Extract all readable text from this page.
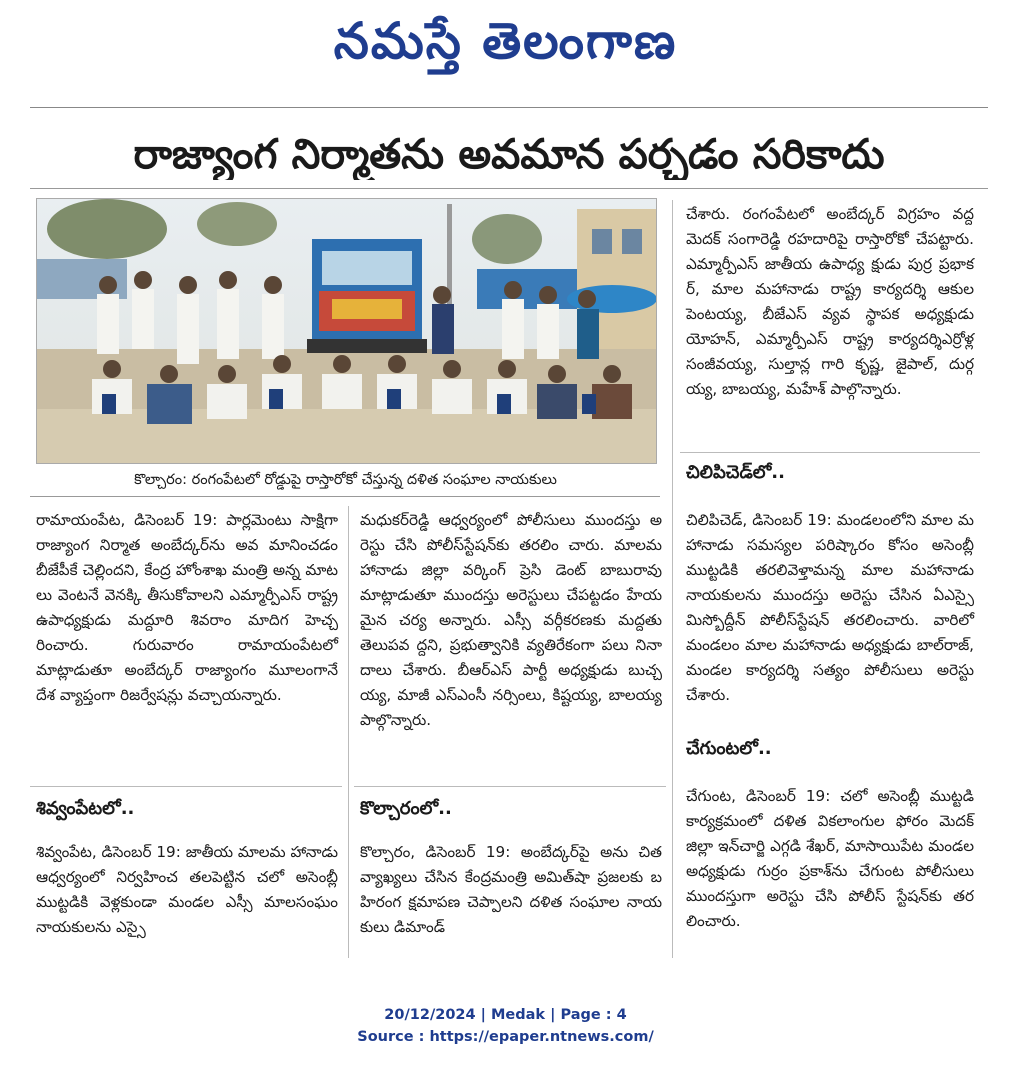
నమస్తే తెలంగాణ
రాజ్యాంగ నిర్మాతను అవమాన పర్చడం సరికాదు
కొల్చారం: రంగంపేటలో రోడ్డుపై రాస్తారోకో చేస్తున్న దళిత సంఘాల నాయకులు

రామాయంపేట, డిసెంబర్ 19: పార్లమెంటు సాక్షిగా రాజ్యాంగ నిర్మాత అంబేద్కర్‌ను అవ మానించడం బీజేపీకే చెల్లిందని, కేంద్ర హోంశాఖ మంత్రి అన్న మాటలు వెంటనే వెనక్కి తీసుకోవాలని ఎమ్మార్పీఎస్ రాష్ట్ర ఉపాధ్యక్షుడు మద్దూరి శివరాం మాదిగ హెచ్చ రించారు. గురువారం రామాయంపేటలో మాట్లాడుతూ అంబేద్కర్ రాజ్యాంగం మూలంగానే దేశ వ్యాప్తంగా రిజర్వేషన్లు వచ్చాయన్నారు.

శివ్వంపేటలో..

శివ్వంపేట, డిసెంబర్ 19: జాతీయ మాలమ హానాడు ఆధ్వర్యంలో నిర్వహించ తలపెట్టిన చలో అసెంబ్లీ ముట్టడికి వెళ్లకుండా మండల ఎస్సీ మాలసంఘం నాయకులను ఎస్సై

మధుకర్‌రెడ్డి ఆధ్వర్యంలో పోలీసులు ముందస్తు అరెస్టు చేసి పోలీస్‌స్టేషన్‌కు తరలిం చారు. మాలమహానాడు జిల్లా వర్కింగ్ ప్రెసి డెంట్ బాబురావు మాట్లాడుతూ ముందస్తు అరెస్టులు చేపట్టడం హేయమైన చర్య అన్నారు. ఎస్సీ వర్గీకరణకు మద్దతు తెలుపవ ద్దని, ప్రభుత్వానికి వ్యతిరేకంగా పలు నినా దాలు చేశారు. బీఆర్‌ఎస్ పార్టీ అధ్యక్షుడు బుచ్చయ్య, మాజీ ఎస్‌ఎంసీ నర్సింలు, కిష్టయ్య, బాలయ్య పాల్గొన్నారు.

కొల్చారంలో..

కొల్చారం, డిసెంబర్ 19: అంబేద్కర్‌పై అను చిత వ్యాఖ్యలు చేసిన కేంద్రమంత్రి అమిత్‌షా ప్రజలకు బహిరంగ క్షమాపణ చెప్పాలని దళిత సంఘాల నాయకులు డిమాండ్

చేశారు. రంగంపేటలో అంబేద్కర్ విగ్రహం వద్ద మెదక్ సంగారెడ్డి రహదారిపై రాస్తారోకో చేపట్టారు. ఎమ్మార్పీఎస్ జాతీయ ఉపాధ్య క్షుడు పుర్ర ప్రభాకర్, మాల మహానాడు రాష్ట్ర కార్యదర్శి ఆకుల పెంటయ్య, బీజేఎస్ వ్యవ స్థాపక అధ్యక్షుడు యోహన్, ఎమ్మార్పీఎస్ రాష్ట్ర కార్యదర్శిఎర్రోళ్ల సంజీవయ్య, సుల్తాన్ల గారి కృష్ణ, జైపాల్, దుర్గయ్య, బాబయ్య, మహేశ్ పాల్గొన్నారు.

చిలిపిచెడ్‌లో..

చిలిపిచెడ్, డిసెంబర్ 19: మండలంలోని మాల మహానాడు సమస్యల పరిష్కారం కోసం అసెంబ్లీ ముట్టడికి తరలివెళ్తామన్న మాల మహానాడు నాయకులను ముందస్తు అరెస్టు చేసిన ఏఎస్సై మిస్బోద్దీన్ పోలీస్‌స్టేషన్ తరలించారు. వారిలో మండలం మాల మహానాడు అధ్యక్షుడు బాల్‌రాజ్, మండల కార్యదర్శి సత్యం పోలీసులు అరెస్టు చేశారు.

చేగుంటలో..

చేగుంట, డిసెంబర్ 19: చలో అసెంబ్లీ ముట్టడి కార్యక్రమంలో దళిత వికలాంగుల ఫోరం మెదక్ జిల్లా ఇన్‌చార్జి ఎగ్గడి శేఖర్, మాసాయిపేట మండల అధ్యక్షుడు గుర్రం ప్రకాశ్‌ను చేగుంట పోలీసులు ముందస్తుగా అరెస్టు చేసి పోలీస్ స్టేషన్‌కు తరలించారు.

20/12/2024 | Medak | Page : 4
Source : https://epaper.ntnews.com/
